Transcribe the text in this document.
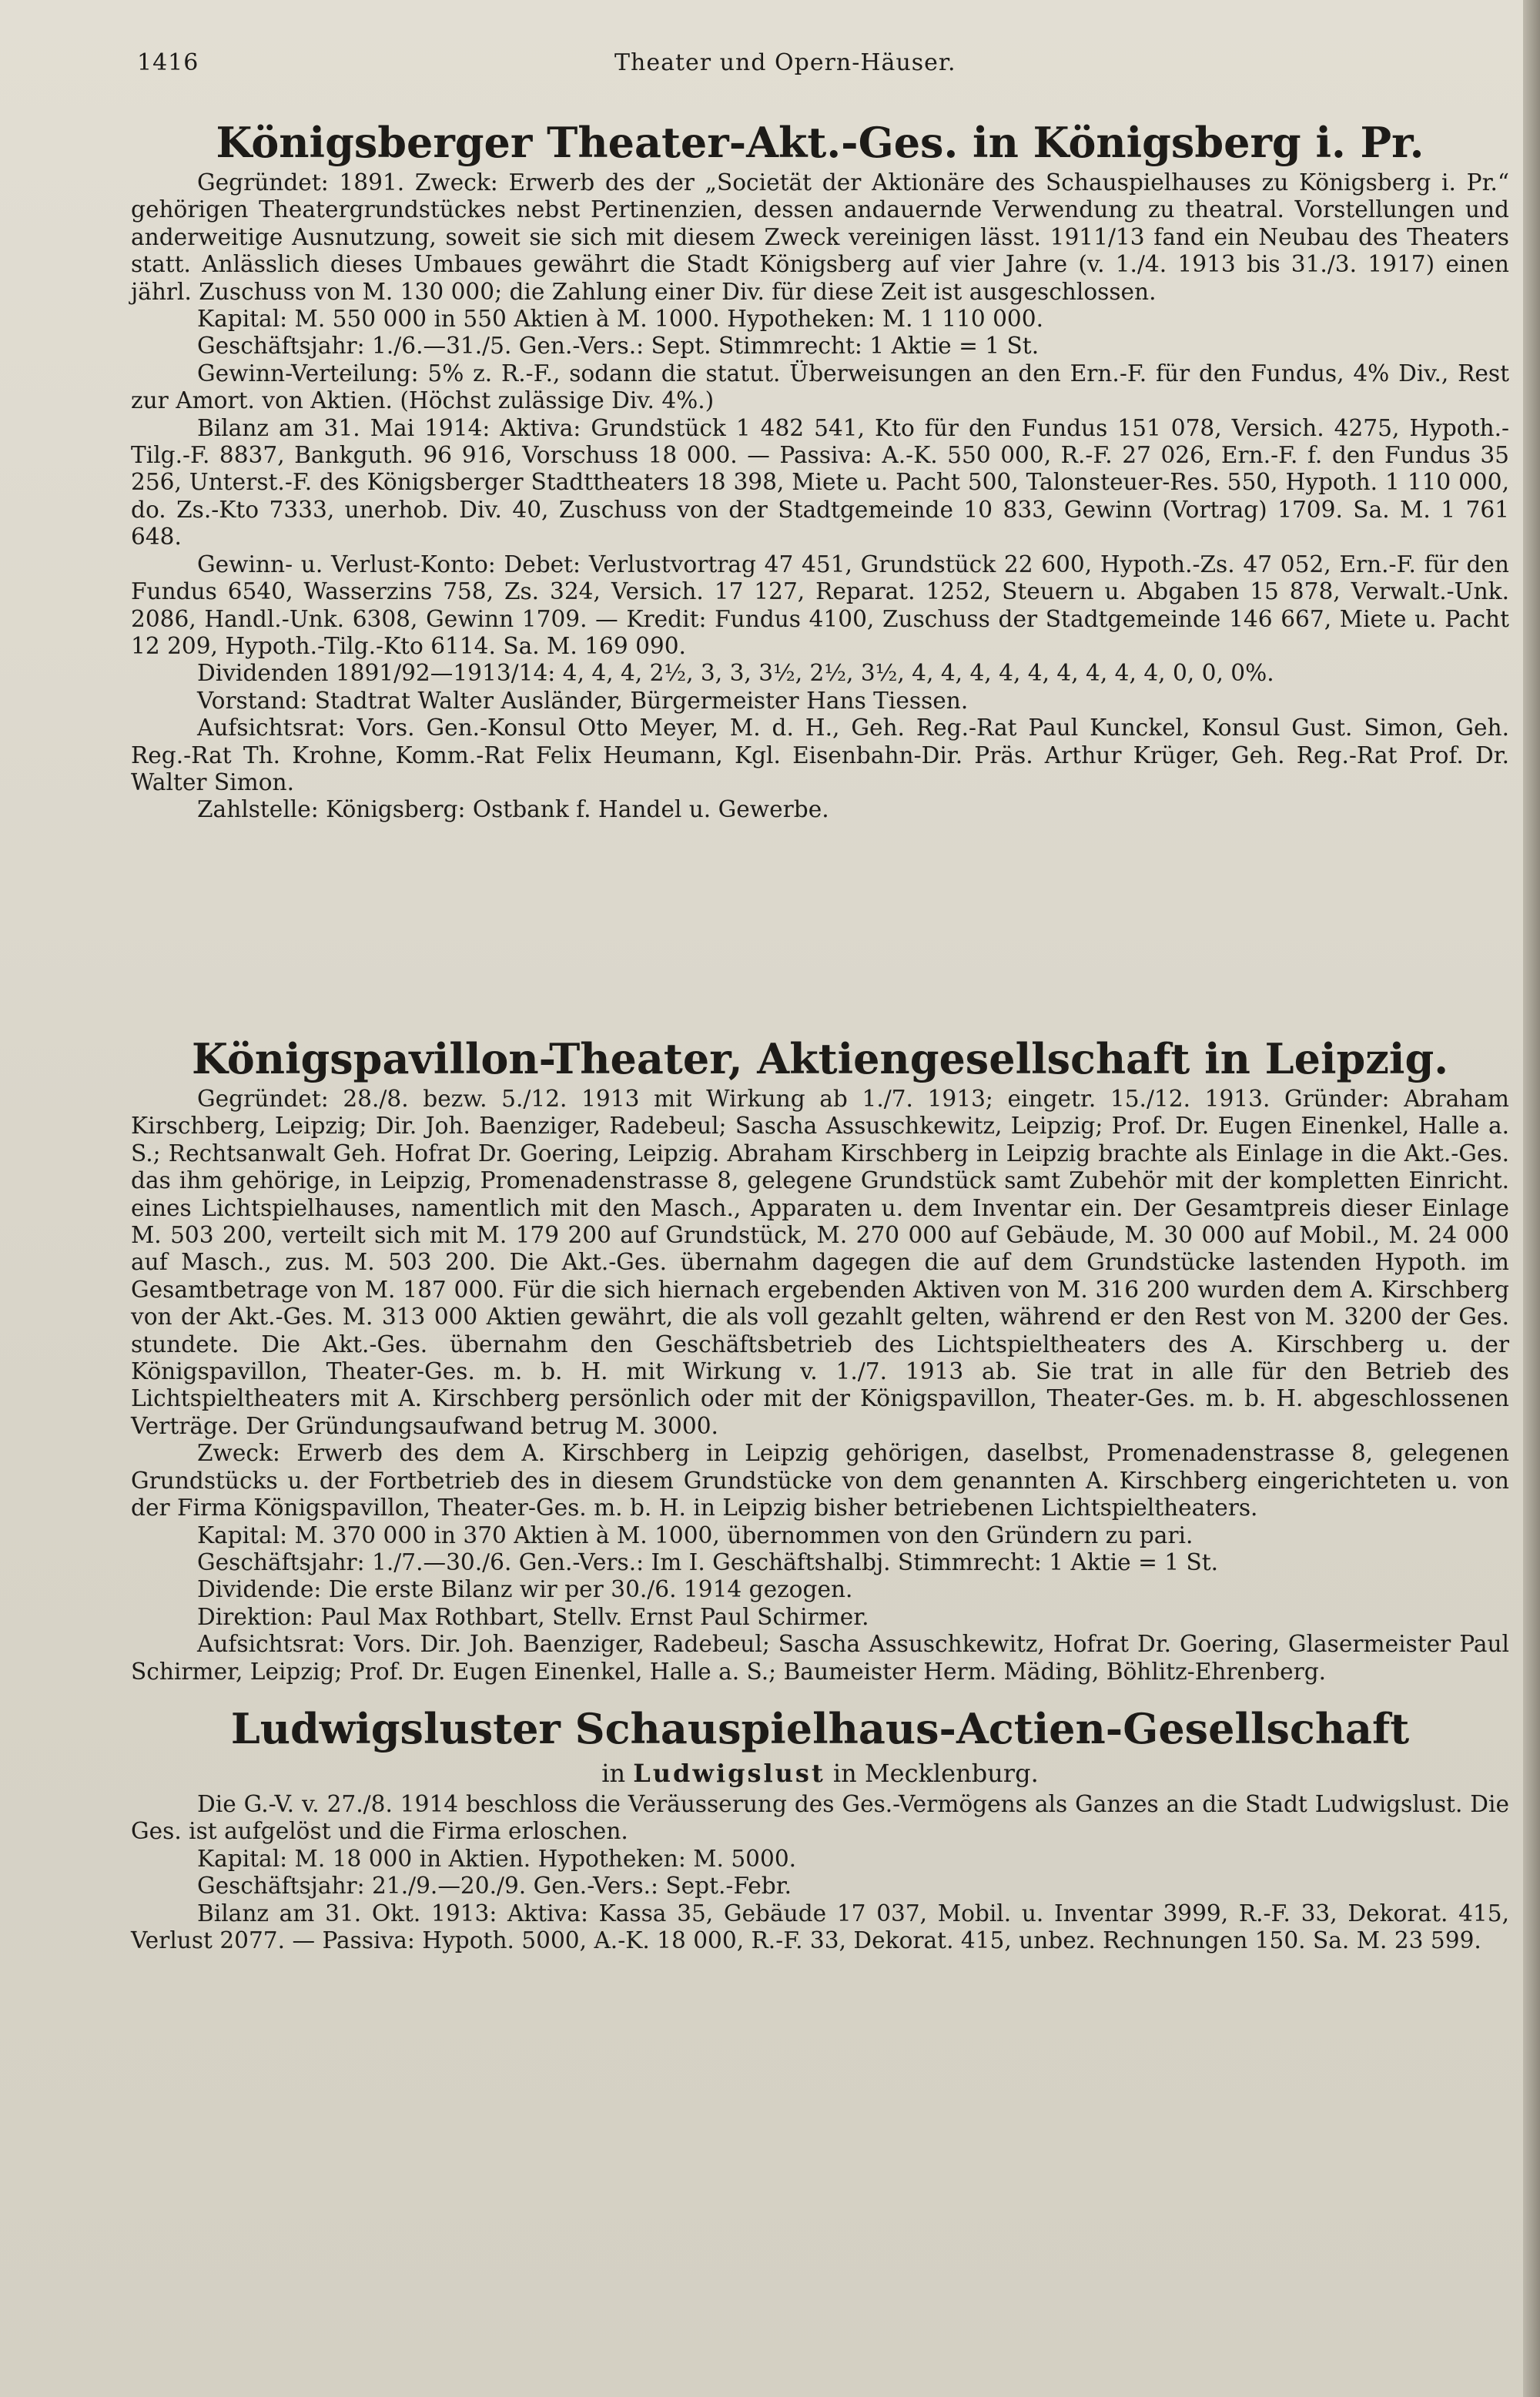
1416	Theater und Opern-Häuser.
Königsberger Theater-Akt.-Ges. in Königsberg i. Pr.

Gegründet: 1891. Zweck: Erwerb des der „Societät der Aktionäre des Schauspielhauses zu Königsberg i. Pr.“ gehörigen Theatergrundstückes nebst Pertinenzien, dessen andauernde Verwendung zu theatral. Vorstellungen und anderweitige Ausnutzung, soweit sie sich mit diesem Zweck vereinigen lässt. 1911/13 fand ein Neubau des Theaters statt. Anlässlich dieses Umbaues gewährt die Stadt Königsberg auf vier Jahre (v. 1./4. 1913 bis 31./3. 1917) einen jährl. Zuschuss von M. 130 000; die Zahlung einer Div. für diese Zeit ist ausgeschlossen.

Kapital: M. 550 000 in 550 Aktien à M. 1000. Hypotheken: M. 1 110 000.

Geschäftsjahr: 1./6.—31./5. Gen.-Vers.: Sept. Stimmrecht: 1 Aktie = 1 St.

Gewinn-Verteilung: 5% z. R.-F., sodann die statut. Überweisungen an den Ern.-F. für den Fundus, 4% Div., Rest zur Amort. von Aktien. (Höchst zulässige Div. 4%.)

Bilanz am 31. Mai 1914: Aktiva: Grundstück 1 482 541, Kto für den Fundus 151 078, Versich. 4275, Hypoth.-Tilg.-F. 8837, Bankguth. 96 916, Vorschuss 18 000. — Passiva: A.-K. 550 000, R.-F. 27 026, Ern.-F. f. den Fundus 35 256, Unterst.-F. des Königsberger Stadttheaters 18 398, Miete u. Pacht 500, Talonsteuer-Res. 550, Hypoth. 1 110 000, do. Zs.-Kto 7333, unerhob. Div. 40, Zuschuss von der Stadtgemeinde 10 833, Gewinn (Vortrag) 1709. Sa. M. 1 761 648.

Gewinn- u. Verlust-Konto: Debet: Verlustvortrag 47 451, Grundstück 22 600, Hypoth.-Zs. 47 052, Ern.-F. für den Fundus 6540, Wasserzins 758, Zs. 324, Versich. 17 127, Reparat. 1252, Steuern u. Abgaben 15 878, Verwalt.-Unk. 2086, Handl.-Unk. 6308, Gewinn 1709. — Kredit: Fundus 4100, Zuschuss der Stadtgemeinde 146 667, Miete u. Pacht 12 209, Hypoth.-Tilg.-Kto 6114. Sa. M. 169 090.

Dividenden 1891/92—1913/14: 4, 4, 4, 2½, 3, 3, 3½, 2½, 3½, 4, 4, 4, 4, 4, 4, 4, 4, 4, 0, 0, 0%.

Vorstand: Stadtrat Walter Ausländer, Bürgermeister Hans Tiessen.

Aufsichtsrat: Vors. Gen.-Konsul Otto Meyer, M. d. H., Geh. Reg.-Rat Paul Kunckel, Konsul Gust. Simon, Geh. Reg.-Rat Th. Krohne, Komm.-Rat Felix Heumann, Kgl. Eisenbahn-Dir. Präs. Arthur Krüger, Geh. Reg.-Rat Prof. Dr. Walter Simon.

Zahlstelle: Königsberg: Ostbank f. Handel u. Gewerbe.

Königspavillon-Theater, Aktiengesellschaft in Leipzig.

Gegründet: 28./8. bezw. 5./12. 1913 mit Wirkung ab 1./7. 1913; eingetr. 15./12. 1913. Gründer: Abraham Kirschberg, Leipzig; Dir. Joh. Baenziger, Radebeul; Sascha Assuschkewitz, Leipzig; Prof. Dr. Eugen Einenkel, Halle a. S.; Rechtsanwalt Geh. Hofrat Dr. Goering, Leipzig. Abraham Kirschberg in Leipzig brachte als Einlage in die Akt.-Ges. das ihm gehörige, in Leipzig, Promenadenstrasse 8, gelegene Grundstück samt Zubehör mit der kompletten Einricht. eines Lichtspielhauses, namentlich mit den Masch., Apparaten u. dem Inventar ein. Der Gesamtpreis dieser Einlage M. 503 200, verteilt sich mit M. 179 200 auf Grundstück, M. 270 000 auf Gebäude, M. 30 000 auf Mobil., M. 24 000 auf Masch., zus. M. 503 200. Die Akt.-Ges. übernahm dagegen die auf dem Grundstücke lastenden Hypoth. im Gesamtbetrage von M. 187 000. Für die sich hiernach ergebenden Aktiven von M. 316 200 wurden dem A. Kirschberg von der Akt.-Ges. M. 313 000 Aktien gewährt, die als voll gezahlt gelten, während er den Rest von M. 3200 der Ges. stundete. Die Akt.-Ges. übernahm den Geschäftsbetrieb des Lichtspieltheaters des A. Kirschberg u. der Königspavillon, Theater-Ges. m. b. H. mit Wirkung v. 1./7. 1913 ab. Sie trat in alle für den Betrieb des Lichtspieltheaters mit A. Kirschberg persönlich oder mit der Königspavillon, Theater-Ges. m. b. H. abgeschlossenen Verträge. Der Gründungsaufwand betrug M. 3000.

Zweck: Erwerb des dem A. Kirschberg in Leipzig gehörigen, daselbst, Promenadenstrasse 8, gelegenen Grundstücks u. der Fortbetrieb des in diesem Grundstücke von dem genannten A. Kirschberg eingerichteten u. von der Firma Königspavillon, Theater-Ges. m. b. H. in Leipzig bisher betriebenen Lichtspieltheaters.

Kapital: M. 370 000 in 370 Aktien à M. 1000, übernommen von den Gründern zu pari.

Geschäftsjahr: 1./7.—30./6. Gen.-Vers.: Im I. Geschäftshalbj. Stimmrecht: 1 Aktie = 1 St.

Dividende: Die erste Bilanz wir per 30./6. 1914 gezogen.

Direktion: Paul Max Rothbart, Stellv. Ernst Paul Schirmer.

Aufsichtsrat: Vors. Dir. Joh. Baenziger, Radebeul; Sascha Assuschkewitz, Hofrat Dr. Goering, Glasermeister Paul Schirmer, Leipzig; Prof. Dr. Eugen Einenkel, Halle a. S.; Baumeister Herm. Mäding, Böhlitz-Ehrenberg.

Ludwigsluster Schauspielhaus-Actien-Gesellschaft
in Ludwigslust in Mecklenburg.

Die G.-V. v. 27./8. 1914 beschloss die Veräusserung des Ges.-Vermögens als Ganzes an die Stadt Ludwigslust. Die Ges. ist aufgelöst und die Firma erloschen.

Kapital: M. 18 000 in Aktien. Hypotheken: M. 5000.

Geschäftsjahr: 21./9.—20./9. Gen.-Vers.: Sept.-Febr.

Bilanz am 31. Okt. 1913: Aktiva: Kassa 35, Gebäude 17 037, Mobil. u. Inventar 3999, R.-F. 33, Dekorat. 415, Verlust 2077. — Passiva: Hypoth. 5000, A.-K. 18 000, R.-F. 33, Dekorat. 415, unbez. Rechnungen 150. Sa. M. 23 599.
